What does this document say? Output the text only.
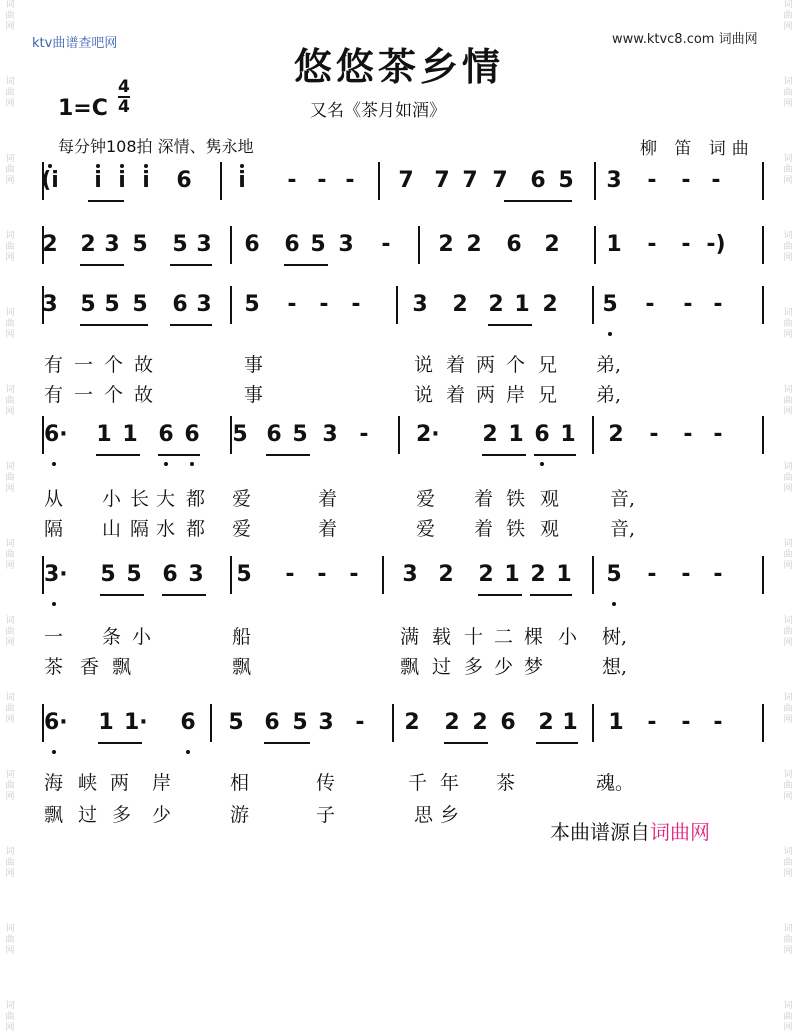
词
曲
网
词
曲
网
词
曲
网
词
曲
网
词
曲
网
词
曲
网
词
曲
网
词
曲
网
词
曲
网
词
曲
网
词
曲
网
词
曲
网
词
曲
网
词
曲
网
词
曲
网
词
曲
网
词
曲
网
词
曲
网
词
曲
网
词
曲
网
词
曲
网
词
曲
网
词
曲
网
词
曲
网
词
曲
网
词
曲
网
词
曲
网
词
曲
网
ktv曲谱查吧网	www.ktvc8.com 词曲网
悠悠茶乡情
又名《茶月如酒》
1=C
4
4
每分钟108拍 深情、隽永地	柳 笛 词曲
(i i i i 6 i - - - 7 7 7 7 6 5 3 - - -
2 2 3 5 5 3 6 6 5 3 - 2 2 6 2 1 - - -)
3 5 5 5 6 3 5 - - - 3 2 2 1 2 5 - - -
6· 1 1 6 6 5 6 5 3 - 2· 2 1 6 1 2 - - -
3· 5 5 6 3 5 - - - 3 2 2 1 2 1 5 - - -
6· 1 1· 6 5 6 5 3 - 2 2 2 6 2 1 1 - - -
有 一 个 故	事	说 着 两 个 兄 弟,
有 一 个 故	事	说 着 两 岸 兄 弟,
从 小 长 大 都 爱	着	爱 着 铁 观	音,
隔 山 隔 水 都 爱	着	爱 着 铁 观	音,
一 条 小	船	满 载 十 二 棵 小 树,
茶 香 飘	飘	飘 过 多 少 梦	想,
海 峡 两 岸	相	传	千 年 茶	魂。
飘 过 多 少	游	子	思 乡
本曲谱源自词曲网
